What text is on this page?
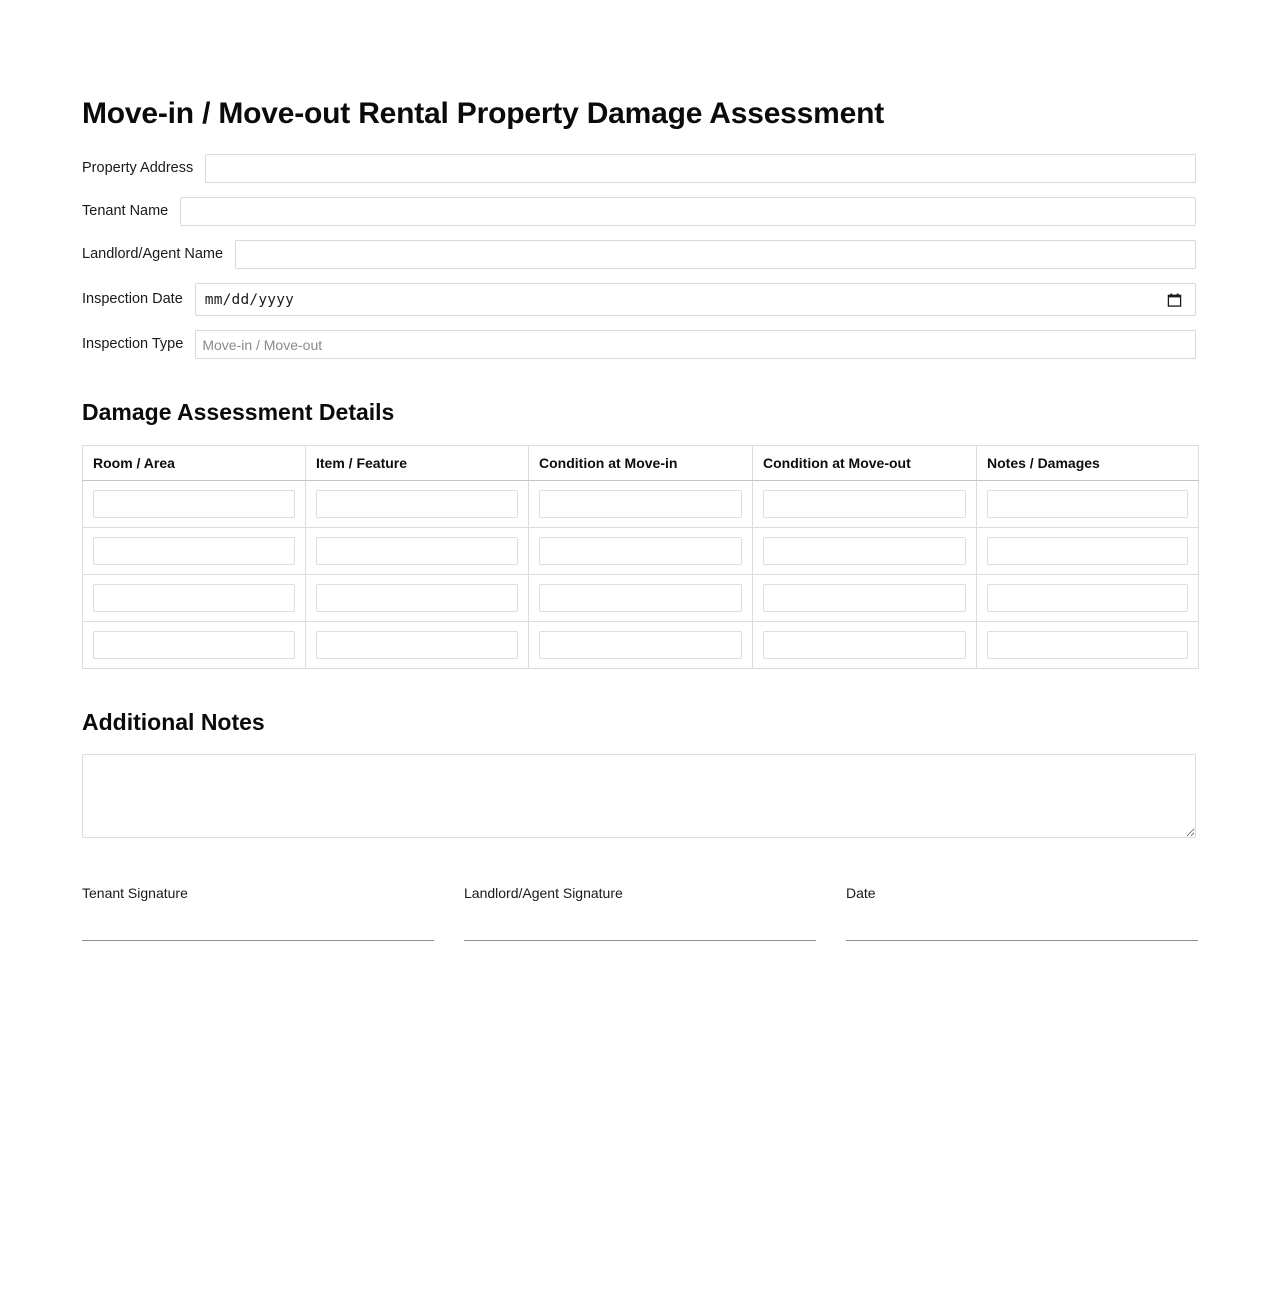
Move-in / Move-out Rental Property Damage Assessment
Property Address
Tenant Name
Landlord/Agent Name
Inspection Date	mm/dd/yyyy
Inspection Type
Move-in / Move-out
Damage Assessment Details
Room / Area	Item / Feature	Condition at Move-in	Condition at Move-out	Notes / Damages

Additional Notes
Tenant Signature	Landlord/Agent Signature	Date
